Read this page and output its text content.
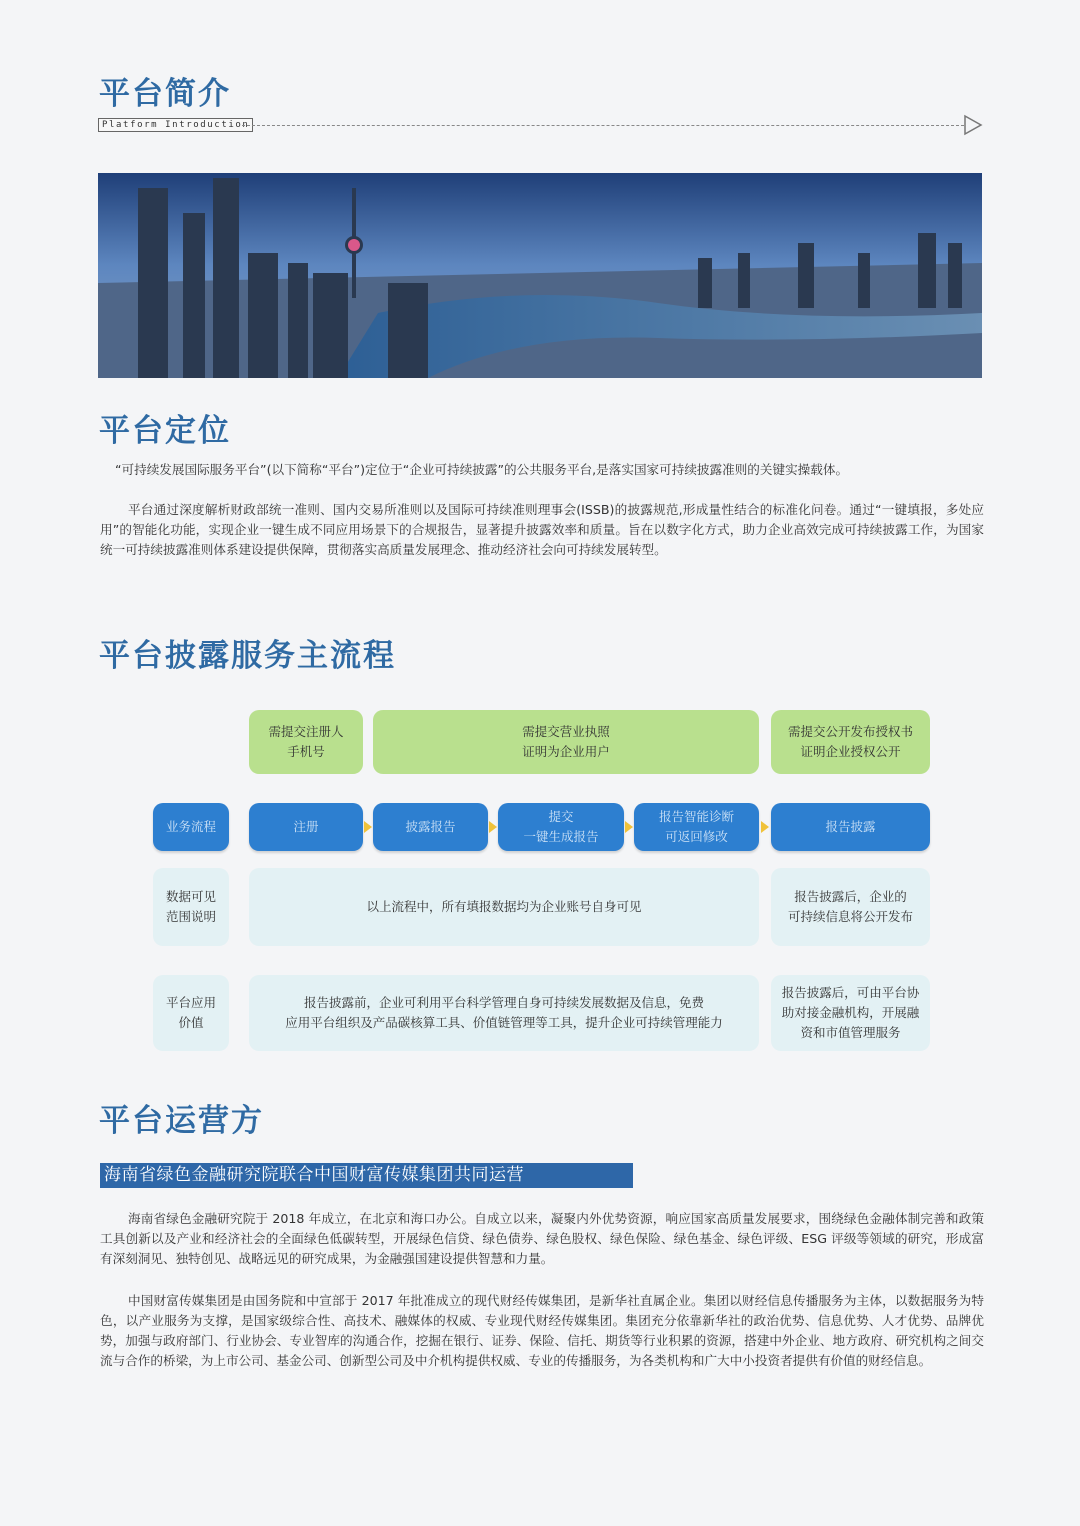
平台简介
Platform Introduction
平台定位

“可持续发展国际服务平台”(以下简称“平台”)定位于“企业可持续披露”的公共服务平台,是落实国家可持续披露准则的关键实操载体。

平台通过深度解析财政部统一准则、国内交易所准则以及国际可持续准则理事会(ISSB)的披露规范,形成量性结合的标准化问卷。通过“一键填报，多处应用”的智能化功能，实现企业一键生成不同应用场景下的合规报告，显著提升披露效率和质量。旨在以数字化方式，助力企业高效完成可持续披露工作，为国家统一可持续披露准则体系建设提供保障，贯彻落实高质量发展理念、推动经济社会向可持续发展转型。

平台披露服务主流程

需提交注册人
手机号

需提交营业执照
证明为企业用户

需提交公开发布授权书
证明企业授权公开

业务流程	注册	披露报告

提交
一键生成报告

报告智能诊断
可返回修改

报告披露

数据可见
范围说明

以上流程中，所有填报数据均为企业账号自身可见

报告披露后，企业的
可持续信息将公开发布

平台应用
价值

报告披露前，企业可利用平台科学管理自身可持续发展数据及信息，免费
应用平台组织及产品碳核算工具、价值链管理等工具，提升企业可持续管理能力

报告披露后，可由平台协
助对接金融机构，开展融
资和市值管理服务

平台运营方
海南省绿色金融研究院联合中国财富传媒集团共同运营

海南省绿色金融研究院于 2018 年成立，在北京和海口办公。自成立以来，凝聚内外优势资源，响应国家高质量发展要求，围绕绿色金融体制完善和政策工具创新以及产业和经济社会的全面绿色低碳转型，开展绿色信贷、绿色债券、绿色股权、绿色保险、绿色基金、绿色评级、ESG 评级等领域的研究，形成富有深刻洞见、独特创见、战略远见的研究成果，为金融强国建设提供智慧和力量。

中国财富传媒集团是由国务院和中宣部于 2017 年批准成立的现代财经传媒集团，是新华社直属企业。集团以财经信息传播服务为主体，以数据服务为特色，以产业服务为支撑，是国家级综合性、高技术、融媒体的权威、专业现代财经传媒集团。集团充分依靠新华社的政治优势、信息优势、人才优势、品牌优势，加强与政府部门、行业协会、专业智库的沟通合作，挖掘在银行、证券、保险、信托、期货等行业积累的资源，搭建中外企业、地方政府、研究机构之间交流与合作的桥梁，为上市公司、基金公司、创新型公司及中介机构提供权威、专业的传播服务，为各类机构和广大中小投资者提供有价值的财经信息。
